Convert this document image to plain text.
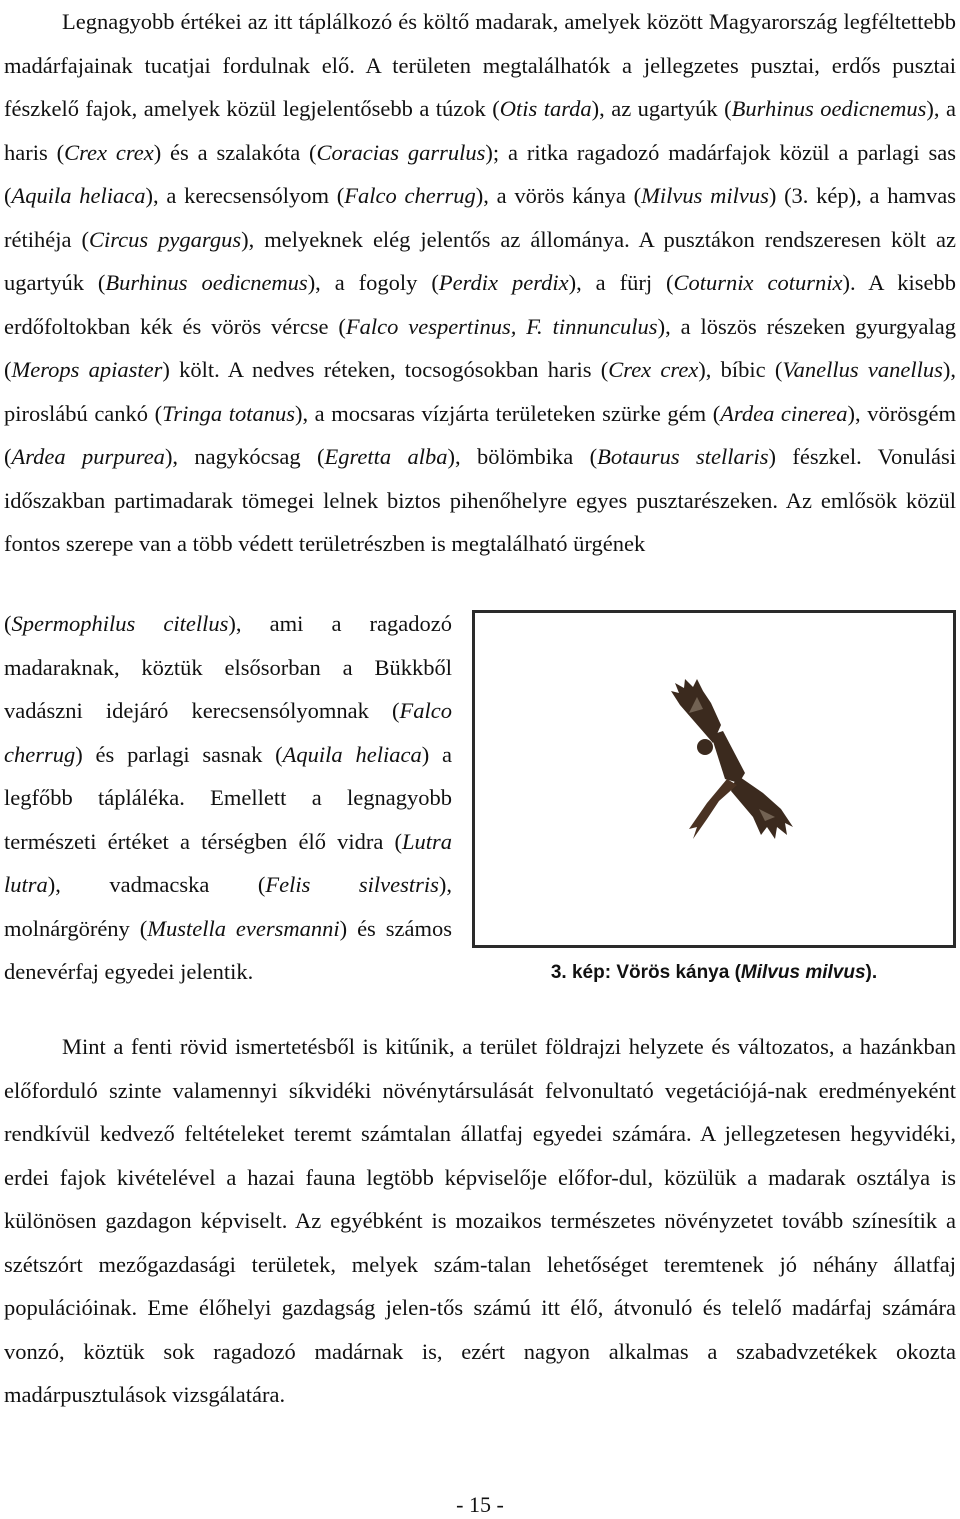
Legnagyobb értékei az itt táplálkozó és költő madarak, amelyek között Magyarország legféltettebb madárfajainak tucatjai fordulnak elő. A területen megtalálhatók a jellegzetes pusztai, erdős pusztai fészkelő fajok, amelyek közül legjelentősebb a túzok (Otis tarda), az ugartyúk (Burhinus oedicnemus), a haris (Crex crex) és a szalakóta (Coracias garrulus); a ritka ragadozó madárfajok közül a parlagi sas (Aquila heliaca), a kerecsensólyom (Falco cherrug), a vörös kánya (Milvus milvus) (3. kép), a hamvas rétihéja (Circus pygargus), melyeknek elég jelentős az állománya. A pusztákon rendszeresen költ az ugartyúk (Burhinus oedicnemus), a fogoly (Perdix perdix), a fürj (Coturnix coturnix). A kisebb erdőfoltokban kék és vörös vércse (Falco vespertinus, F. tinnunculus), a löszös részeken gyurgyalag (Merops apiaster) költ. A nedves réteken, tocsogósokban haris (Crex crex), bíbic (Vanellus vanellus), piroslábú cankó (Tringa totanus), a mocsaras vízjárta területeken szürke gém (Ardea cinerea), vörösgém (Ardea purpurea), nagykócsag (Egretta alba), bölömbika (Botaurus stellaris) fészkel. Vonulási időszakban partimadarak tömegei lelnek biztos pihenőhelyre egyes pusztarészeken. Az emlősök közül fontos szerepe van a több védett területrészben is megtalálható ürgének

(Spermophilus citellus), ami a ragadozó madaraknak, köztük elsősorban a Bükkből vadászni idejáró kerecsensólyomnak (Falco cherrug) és parlagi sasnak (Aquila heliaca) a legfőbb tápláléka. Emellett a legnagyobb természeti értéket a térségben élő vidra (Lutra lutra), vadmacska (Felis silvestris), molnárgörény (Mustella eversmanni) és számos denevérfaj egyedei jelentik.	3. kép: Vörös kánya (Milvus milvus).

Mint a fenti rövid ismertetésből is kitűnik, a terület földrajzi helyzete és változatos, a hazánkban előforduló szinte valamennyi síkvidéki növénytársulását felvonultató vegetációjá-nak eredményeként rendkívül kedvező feltételeket teremt számtalan állatfaj egyedei számára. A jellegzetesen hegyvidéki, erdei fajok kivételével a hazai fauna legtöbb képviselője előfor-dul, közülük a madarak osztálya is különösen gazdagon képviselt. Az egyébként is mozaikos természetes növényzetet tovább színesítik a szétszórt mezőgazdasági területek, melyek szám-talan lehetőséget teremtenek jó néhány állatfaj populációinak. Eme élőhelyi gazdagság jelen-tős számú itt élő, átvonuló és telelő madárfaj számára vonzó, köztük sok ragadozó madárnak is, ezért nagyon alkalmas a szabadvzetékek okozta madárpusztulások vizsgálatára.

- 15 -
